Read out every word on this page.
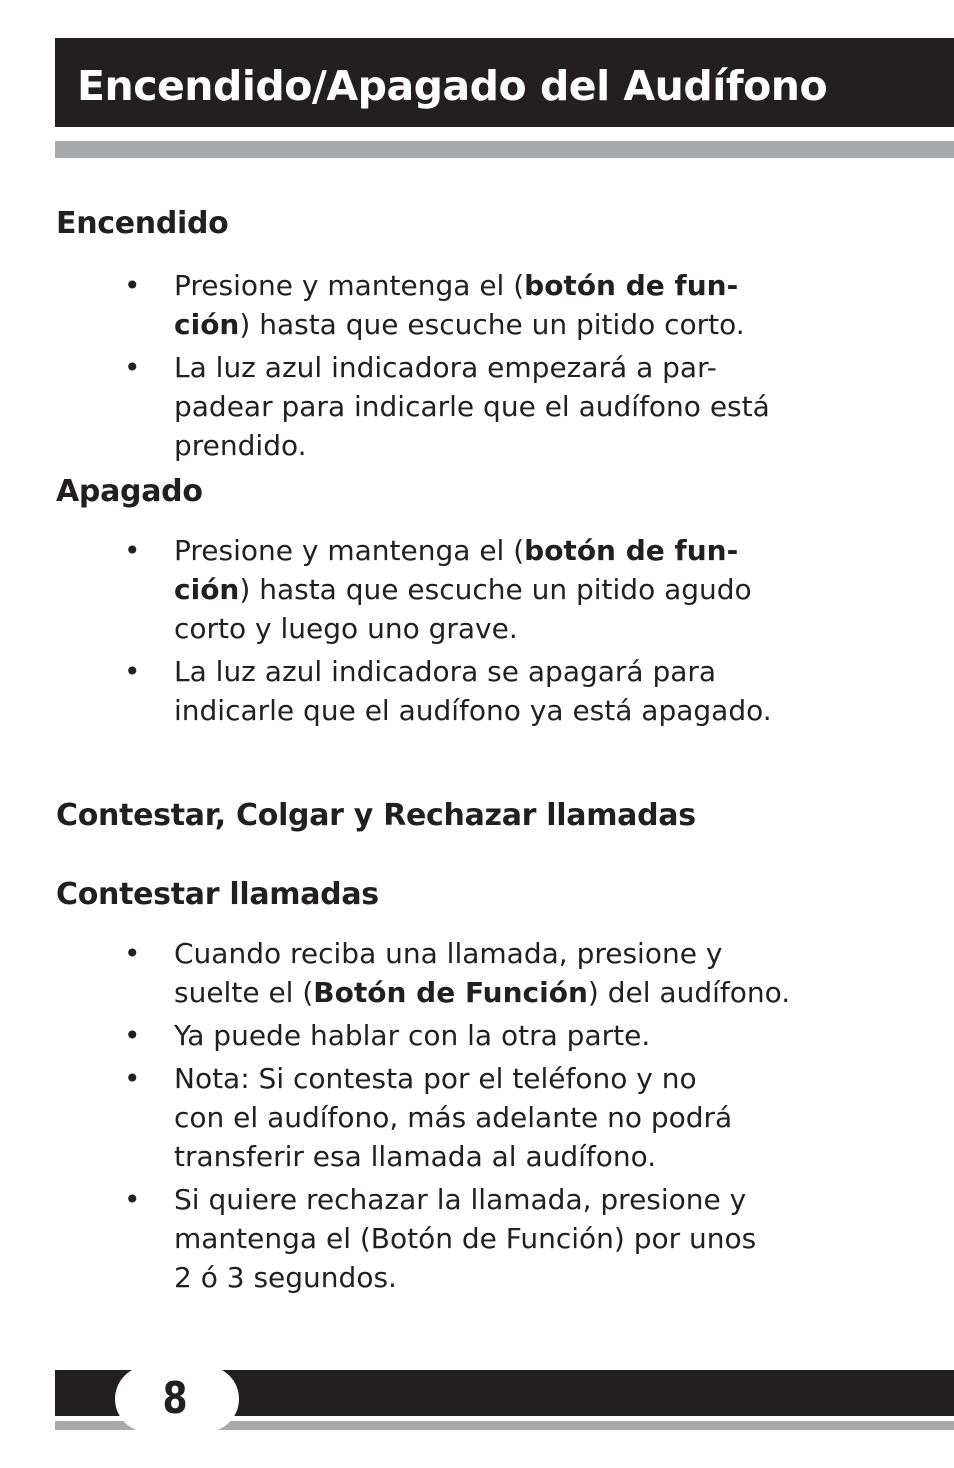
Encendido/Apagado del Audífono
Encendido
• Presione y mantenga el (botón de fun-
ción) hasta que escuche un pitido corto.
• La luz azul indicadora empezará a par-
padear para indicarle que el audífono está
prendido.
Apagado
• Presione y mantenga el (botón de fun-
ción) hasta que escuche un pitido agudo
corto y luego uno grave.
• La luz azul indicadora se apagará para
indicarle que el audífono ya está apagado.
Contestar, Colgar y Rechazar llamadas
Contestar llamadas
• Cuando reciba una llamada, presione y
suelte el (Botón de Función) del audífono.
• Ya puede hablar con la otra parte.
• Nota: Si contesta por el teléfono y no
con el audífono, más adelante no podrá
transferir esa llamada al audífono.
• Si quiere rechazar la llamada, presione y
mantenga el (Botón de Función) por unos
2 ó 3 segundos.
8
